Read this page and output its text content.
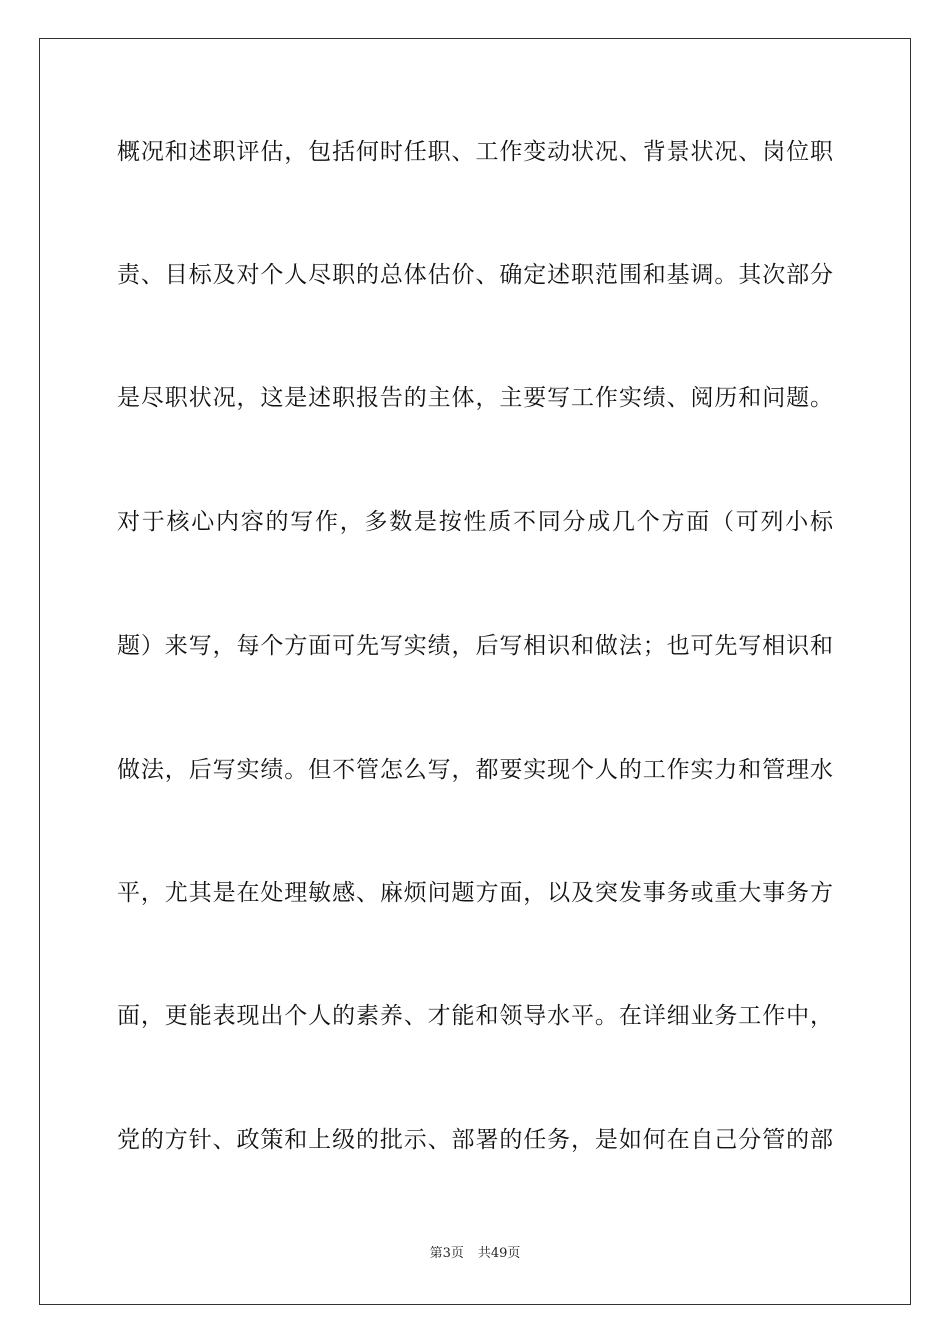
概况和述职评估，包括何时任职、工作变动状况、背景状况、岗位职
责、目标及对个人尽职的总体估价、确定述职范围和基调。其次部分
是尽职状况，这是述职报告的主体，主要写工作实绩、阅历和问题。
对于核心内容的写作，多数是按性质不同分成几个方面（可列小标
题）来写，每个方面可先写实绩，后写相识和做法；也可先写相识和
做法，后写实绩。但不管怎么写，都要实现个人的工作实力和管理水
平，尤其是在处理敏感、麻烦问题方面，以及突发事务或重大事务方
面，更能表现出个人的素养、才能和领导水平。在详细业务工作中，
党的方针、政策和上级的批示、部署的任务，是如何在自己分管的部
第3页 共49页
